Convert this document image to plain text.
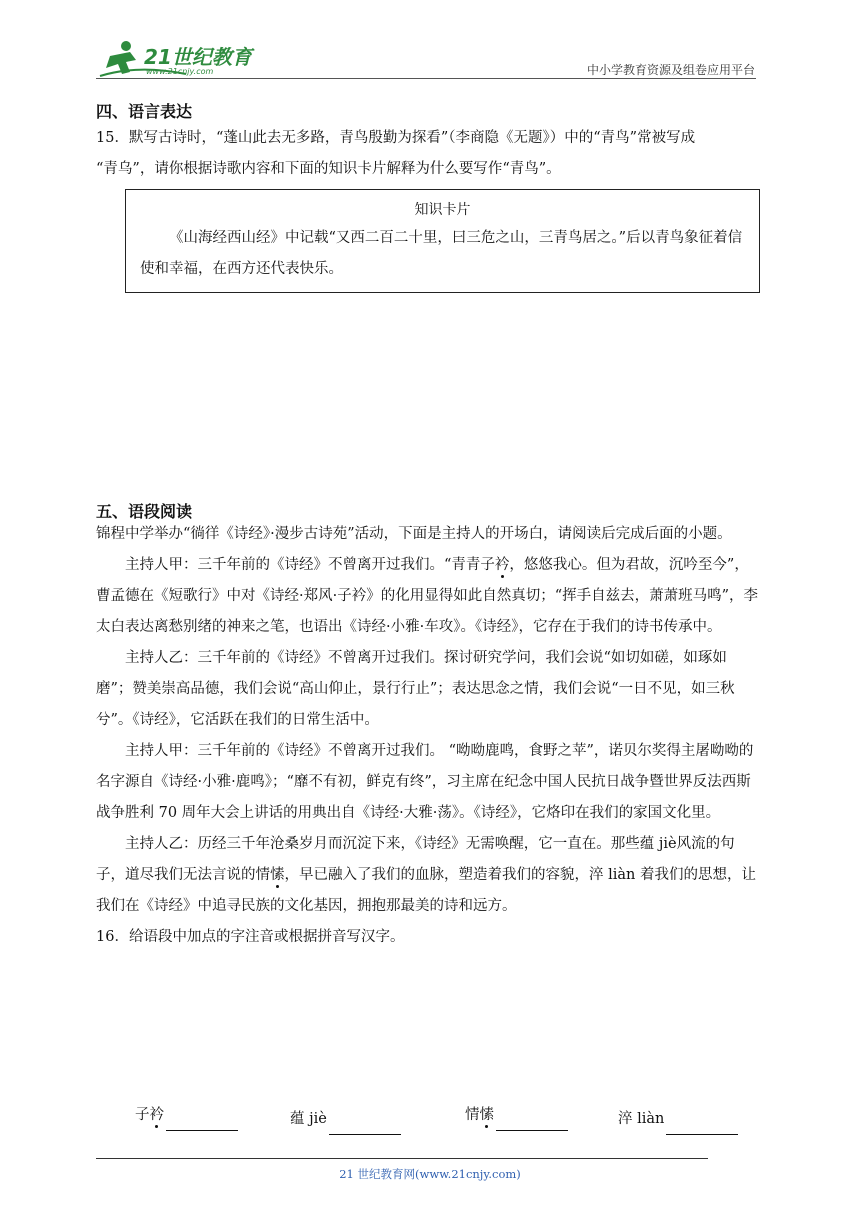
21世纪教育
www.21cnjy.com	中小学教育资源及组卷应用平台
四、语言表达
15．默写古诗时，“蓬山此去无多路，青鸟殷勤为探看”（李商隐《无题》）中的“青鸟”常被写成
“青乌”，请你根据诗歌内容和下面的知识卡片解释为什么要写作“青鸟”。
知识卡片
《山海经西山经》中记载“又西二百二十里，曰三危之山，三青鸟居之。”后以青鸟象征着信使和幸福，在西方还代表快乐。
五、语段阅读
锦程中学举办“徜徉《诗经》·漫步古诗苑”活动，下面是主持人的开场白，请阅读后完成后面的小题。
主持人甲：三千年前的《诗经》不曾离开过我们。“青青子衿，悠悠我心。但为君故，沉吟至今”，曹孟德在《短歌行》中对《诗经·郑风·子衿》的化用显得如此自然真切；“挥手自兹去，萧萧班马鸣”，李太白表达离愁别绪的神来之笔，也语出《诗经·小雅·车攻》。《诗经》，它存在于我们的诗书传承中。
主持人乙：三千年前的《诗经》不曾离开过我们。探讨研究学问，我们会说“如切如磋，如琢如磨”；赞美崇高品德，我们会说“高山仰止，景行行止”；表达思念之情，我们会说“一日不见，如三秋兮”。《诗经》，它活跃在我们的日常生活中。
主持人甲：三千年前的《诗经》不曾离开过我们。 “呦呦鹿鸣，食野之苹”，诺贝尔奖得主屠呦呦的名字源自《诗经·小雅·鹿鸣》；“靡不有初，鲜克有终”，习主席在纪念中国人民抗日战争暨世界反法西斯战争胜利 70 周年大会上讲话的用典出自《诗经·大雅·荡》。《诗经》，它烙印在我们的家国文化里。
主持人乙：历经三千年沧桑岁月而沉淀下来，《诗经》无需唤醒，它一直在。那些蕴 jiè风流的句子，道尽我们无法言说的情愫，早已融入了我们的血脉，塑造着我们的容貌，淬 liàn 着我们的思想，让我们在《诗经》中追寻民族的文化基因，拥抱那最美的诗和远方。
16．给语段中加点的字注音或根据拼音写汉字。
子衿	蕴 jiè	情愫	淬 liàn
21 世纪教育网(www.21cnjy.com)
